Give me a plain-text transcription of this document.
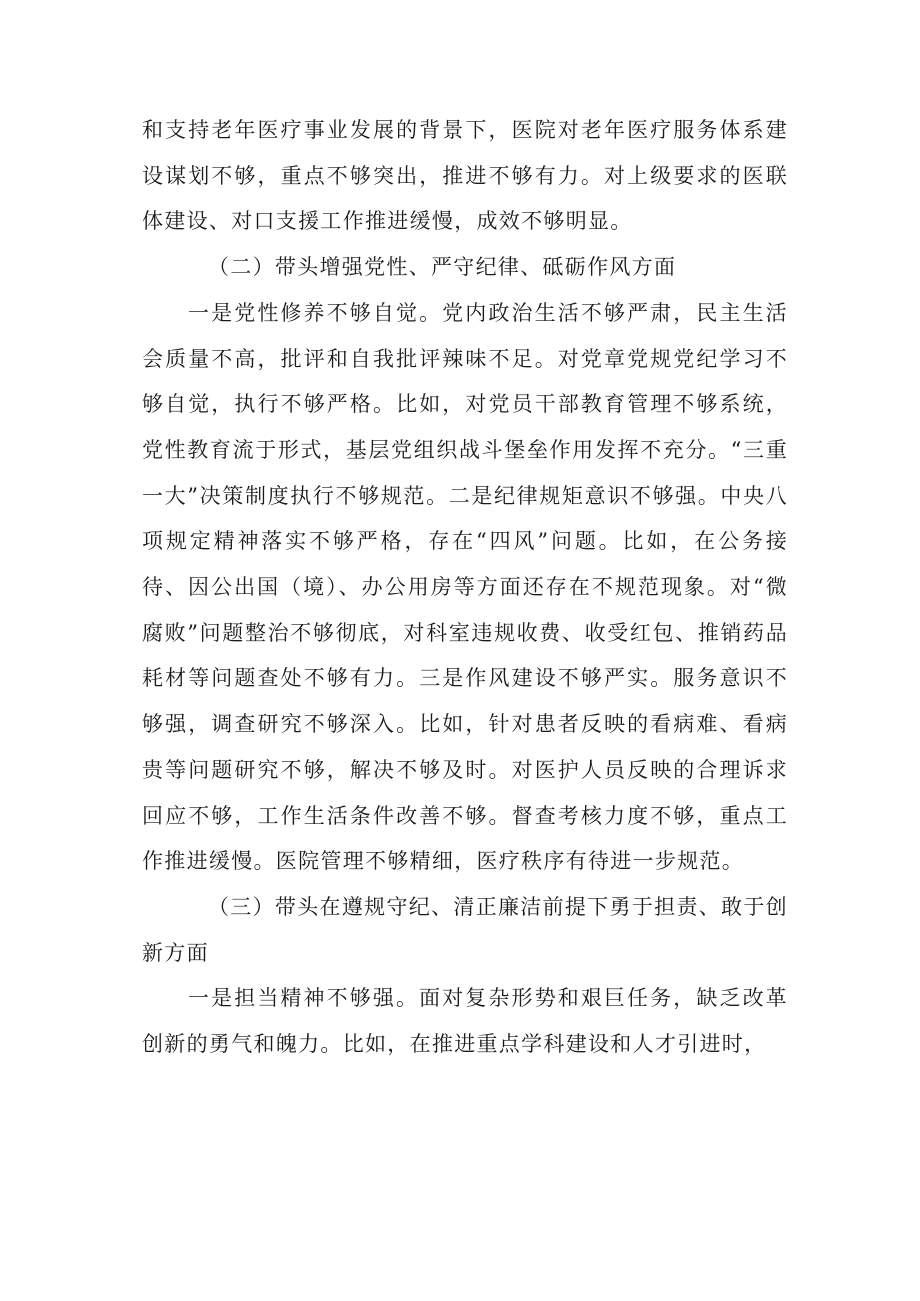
和支持老年医疗事业发展的背景下，医院对老年医疗服务体系建设谋划不够，重点不够突出，推进不够有力。对上级要求的医联体建设、对口支援工作推进缓慢，成效不够明显。

（二）带头增强党性、严守纪律、砥砺作风方面

一是党性修养不够自觉。党内政治生活不够严肃，民主生活会质量不高，批评和自我批评辣味不足。对党章党规党纪学习不够自觉，执行不够严格。比如，对党员干部教育管理不够系统，党性教育流于形式，基层党组织战斗堡垒作用发挥不充分。“三重一大”决策制度执行不够规范。二是纪律规矩意识不够强。中央八项规定精神落实不够严格，存在“四风”问题。比如，在公务接待、因公出国（境）、办公用房等方面还存在不规范现象。对“微腐败”问题整治不够彻底，对科室违规收费、收受红包、推销药品耗材等问题查处不够有力。三是作风建设不够严实。服务意识不够强，调查研究不够深入。比如，针对患者反映的看病难、看病贵等问题研究不够，解决不够及时。对医护人员反映的合理诉求回应不够，工作生活条件改善不够。督查考核力度不够，重点工作推进缓慢。医院管理不够精细，医疗秩序有待进一步规范。

（三）带头在遵规守纪、清正廉洁前提下勇于担责、敢于创新方面

一是担当精神不够强。面对复杂形势和艰巨任务，缺乏改革创新的勇气和魄力。比如，在推进重点学科建设和人才引进时，
